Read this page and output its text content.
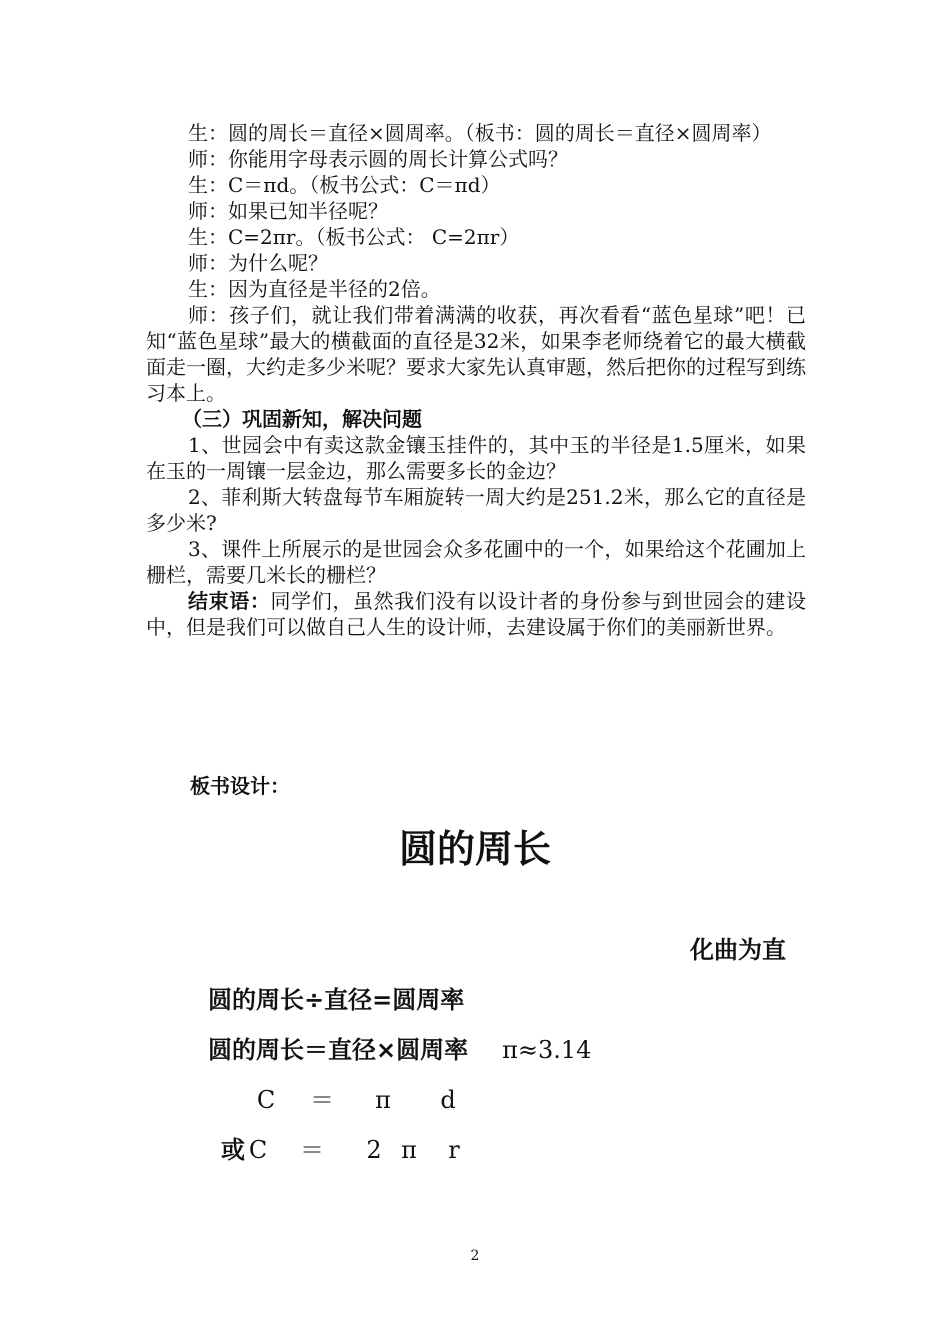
生：圆的周长＝直径×圆周率。（板书：圆的周长＝直径×圆周率）

师：你能用字母表示圆的周长计算公式吗？

生：C＝πd。（板书公式：C＝πd）

师：如果已知半径呢？

生：C=2πr。（板书公式： C=2πr）

师：为什么呢？

生：因为直径是半径的2倍。

师：孩子们，就让我们带着满满的收获，再次看看“蓝色星球”吧！已知“蓝色星球”最大的横截面的直径是32米，如果李老师绕着它的最大横截面走一圈，大约走多少米呢？要求大家先认真审题，然后把你的过程写到练习本上。

（三）巩固新知，解决问题

1、世园会中有卖这款金镶玉挂件的，其中玉的半径是1.5厘米，如果在玉的一周镶一层金边，那么需要多长的金边？

2、菲利斯大转盘每节车厢旋转一周大约是251.2米，那么它的直径是多少米?

3、课件上所展示的是世园会众多花圃中的一个，如果给这个花圃加上栅栏，需要几米长的栅栏？

结束语：同学们，虽然我们没有以设计者的身份参与到世园会的建设中，但是我们可以做自己人生的设计师，去建设属于你们的美丽新世界。

板书设计：
圆的周长
化曲为直
圆的周长÷直径=圆周率
圆的周长＝直径×圆周率 π≈3.14
C ＝ π d
或 C ＝ 2 π r
2
